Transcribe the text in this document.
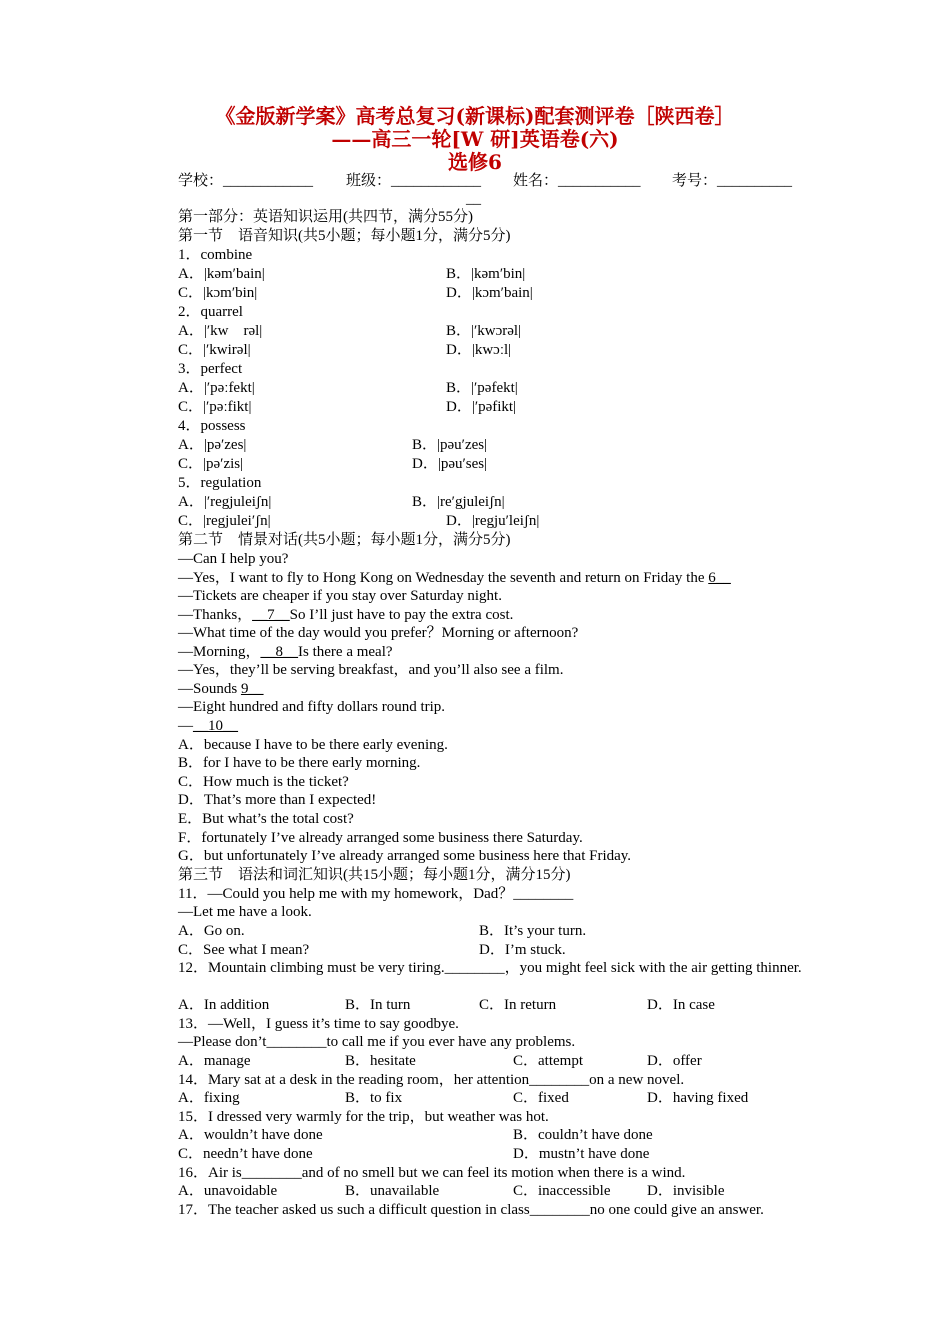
《金版新学案》高考总复习(新课标)配套测评卷［陕西卷］
——高三一轮[W 研]英语卷(六)
选修6
学校：____________ 班级：____________ 姓名：___________ 考号：__________
__
第一部分：英语知识运用(共四节，满分55分)
第一节　语音知识(共5小题；每小题1分，满分5分)
1．combine
A．|kəm′bain|	B．|kəm′bin|
C．|kɔm′bin|	D．|kɔm′bain|
2．quarrel
A．|′kw　rəl|	B．|′kwɔrəl|
C．|′kwirəl|	D．|kwɔːl|
3．perfect
A．|′pəːfekt|	B．|′pəfekt|
C．|′pəːfikt|	D．|′pəfikt|
4．possess
A．|pə′zes|	B．|pəu′zes|
C．|pə′zis|	D．|pəu′ses|
5．regulation
A．|′regjuleiʃn|	B．|re′gjuleiʃn|
C．|regjulei′ʃn|	D．|regju′leiʃn|
第二节　情景对话(共5小题；每小题1分，满分5分)
—Can I help you?
—Yes，I want to fly to Hong Kong on Wednesday the seventh and return on Friday the 6__
—Tickets are cheaper if you stay over Saturday night.
—Thanks，__7__So I’ll just have to pay the extra cost.
—What time of the day would you prefer？Morning or afternoon?
—Morning，__8__Is there a meal?
—Yes，they’ll be serving breakfast，and you’ll also see a film.
—Sounds 9__
—Eight hundred and fifty dollars round trip.
—__10__
A．because I have to be there early evening.
B．for I have to be there early morning.
C．How much is the ticket?
D．That’s more than I expected!
E．But what’s the total cost?
F．fortunately I’ve already arranged some business there Saturday.
G．but unfortunately I’ve already arranged some business here that Friday.
第三节　语法和词汇知识(共15小题；每小题1分，满分15分)
11．—Could you help me with my homework，Dad？________
—Let me have a look.
A．Go on.	B．It’s your turn.
C．See what I mean?	D．I’m stuck.
12．Mountain climbing must be very tiring.________，you might feel sick with the air getting thinner.
A．In addition	B．In turn	C．In return	D．In case
13．—Well，I guess it’s time to say goodbye.
—Please don’t________to call me if you ever have any problems.
A．manage	B．hesitate	C．attempt	D．offer
14．Mary sat at a desk in the reading room，her attention________on a new novel.
A．fixing	B．to fix	C．fixed	D．having fixed
15．I dressed very warmly for the trip，but weather was hot.
A．wouldn’t have done	B．couldn’t have done
C．needn’t have done	D．mustn’t have done
16．Air is________and of no smell but we can feel its motion when there is a wind.
A．unavoidable	B．unavailable	C．inaccessible D．invisible
17．The teacher asked us such a difficult question in class________no one could give an answer.
